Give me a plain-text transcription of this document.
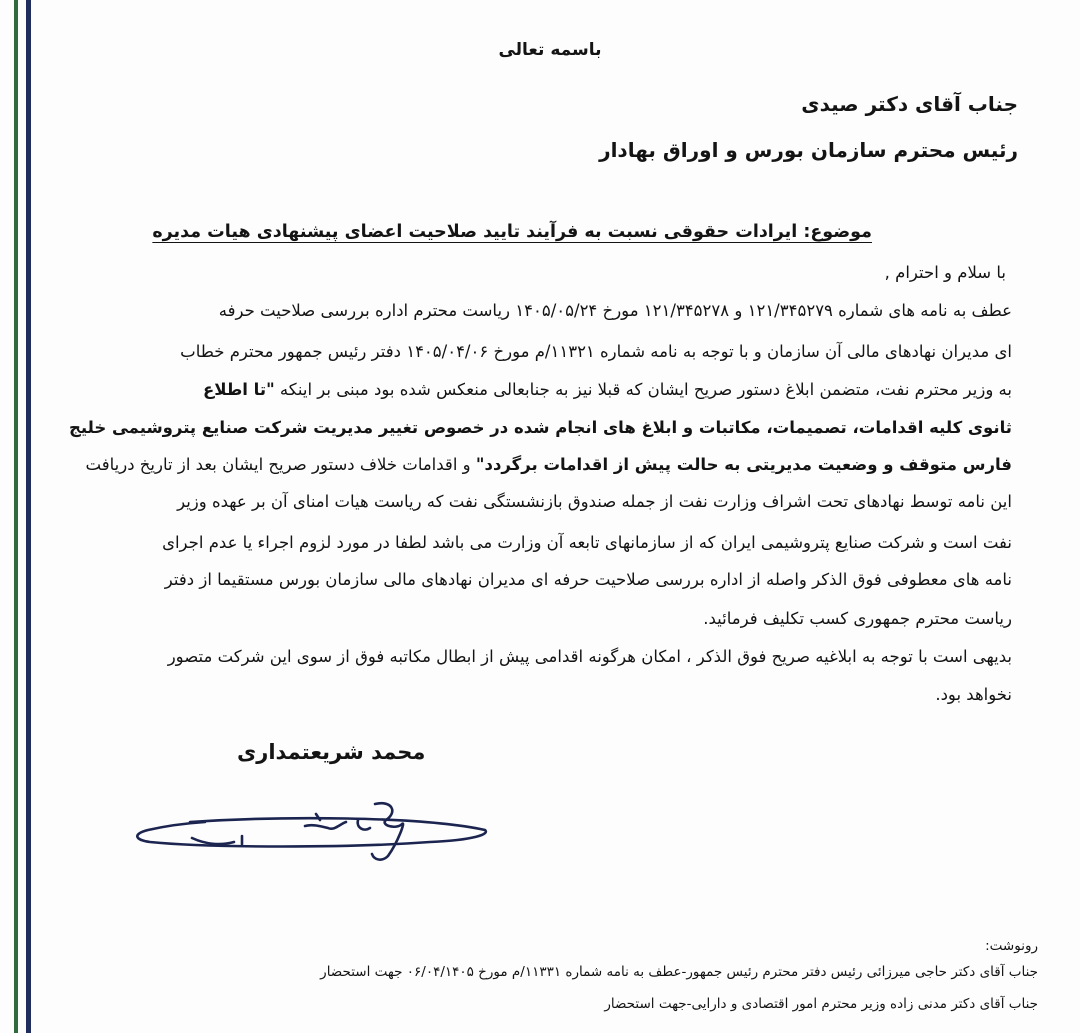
باسمه تعالی
جناب آقای دکتر صیدی
رئیس محترم سازمان بورس و اوراق بهادار
موضوع: ایرادات حقوقی نسبت به فرآیند تایید صلاحیت اعضای پیشنهادی هیات مدیره
با سلام و احترام ,
عطف به نامه های شماره ۱۲۱/۳۴۵۲۷۹ و ۱۲۱/۳۴۵۲۷۸ مورخ ۱۴۰۵/۰۵/۲۴ ریاست محترم اداره بررسی صلاحیت حرفه
ای مدیران نهادهای مالی آن سازمان و با توجه به نامه شماره ۱۱۳۲۱/م مورخ ۱۴۰۵/۰۴/۰۶ دفتر رئیس جمهور محترم خطاب
به وزیر محترم نفت، متضمن ابلاغ دستور صریح ایشان که قبلا نیز به جنابعالی منعکس شده بود مبنی بر اینکه "تا اطلاع
ثانوی کلیه اقدامات، تصمیمات، مکاتبات و ابلاغ های انجام شده در خصوص تغییر مدیریت شرکت صنایع پتروشیمی خلیج
فارس متوقف و وضعیت مدیریتی به حالت پیش از اقدامات برگردد" و اقدامات خلاف دستور صریح ایشان بعد از تاریخ دریافت
این نامه توسط نهادهای تحت اشراف وزارت نفت از جمله صندوق بازنشستگی نفت که ریاست هیات امنای آن بر عهده وزیر
نفت است و شرکت صنایع پتروشیمی ایران که از سازمانهای تابعه آن وزارت می باشد لطفا در مورد لزوم اجراء یا عدم اجرای
نامه های معطوفی فوق الذکر واصله از اداره بررسی صلاحیت حرفه ای مدیران نهادهای مالی سازمان بورس مستقیما از دفتر
ریاست محترم جمهوری کسب تکلیف فرمائید.
بدیهی است با توجه به ابلاغیه صریح فوق الذکر ، امکان هرگونه اقدامی پیش از ابطال مکاتبه فوق از سوی این شرکت متصور
نخواهد بود.
محمد شریعتمداری
رونوشت:
جناب آقای دکتر حاجی میرزائی رئیس دفتر محترم رئیس جمهور-عطف به نامه شماره ۱۱۳۳۱/م مورخ ۰۶/۰۴/۱۴۰۵ جهت استحضار
جناب آقای دکتر مدنی زاده وزیر محترم امور اقتصادی و دارایی-جهت استحضار
